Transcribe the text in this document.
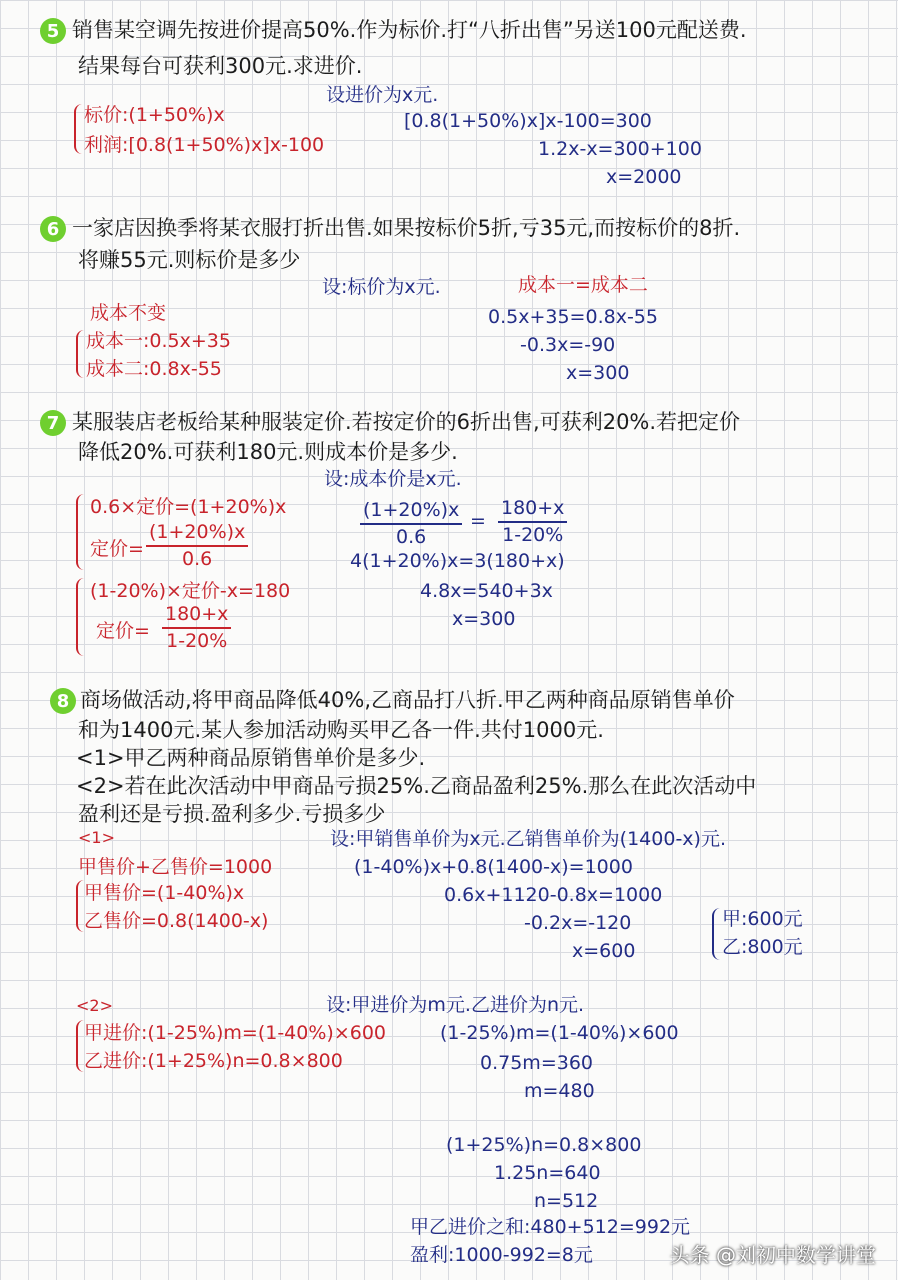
5 销售某空调先按进价提高50%.作为标价.打“八折出售”另送100元配送费.
结果每台可获利300元.求进价.
设进价为x元.
标价:(1+50%)x
利润:[0.8(1+50%)x]x-100
[0.8(1+50%)x]x-100=300
1.2x-x=300+100
x=2000
6 一家店因换季将某衣服打折出售.如果按标价5折,亏35元,而按标价的8折.
将赚55元.则标价是多少
设:标价为x元.	成本一=成本二
成本不变
成本一:0.5x+35
成本二:0.8x-55
0.5x+35=0.8x-55
-0.3x=-90
x=300
7 某服装店老板给某种服装定价.若按定价的6折出售,可获利20%.若把定价
降低20%.可获利180元.则成本价是多少.
设:成本价是x元.
0.6×定价=(1+20%)x
定价= $\frac{(1+20\%)x}{0.6}$
(1-20%)×定价-x=180
定价= $\frac{180+x}{1-20\%}$
$\frac{(1+20\%)x}{0.6} = \frac{180+x}{1-20\%}$
4(1+20%)x=3(180+x)
4.8x=540+3x
x=300
8 商场做活动,将甲商品降低40%,乙商品打八折.甲乙两种商品原销售单价
和为1400元.某人参加活动购买甲乙各一件.共付1000元.
<1>甲乙两种商品原销售单价是多少.
<2>若在此次活动中甲商品亏损25%.乙商品盈利25%.那么在此次活动中
盈利还是亏损.盈利多少.亏损多少
<1>	设:甲销售单价为x元.乙销售单价为(1400-x)元.
甲售价+乙售价=1000
甲售价=(1-40%)x
乙售价=0.8(1400-x)
(1-40%)x+0.8(1400-x)=1000
0.6x+1120-0.8x=1000
-0.2x=-120
x=600
甲:600元
乙:800元
<2>	设:甲进价为m元.乙进价为n元.
甲进价:(1-25%)m=(1-40%)×600
乙进价:(1+25%)n=0.8×800
(1-25%)m=(1-40%)×600
0.75m=360
m=480
(1+25%)n=0.8×800
1.25n=640
n=512
甲乙进价之和:480+512=992元
盈利:1000-992=8元	头条 @刘初中数学讲堂
